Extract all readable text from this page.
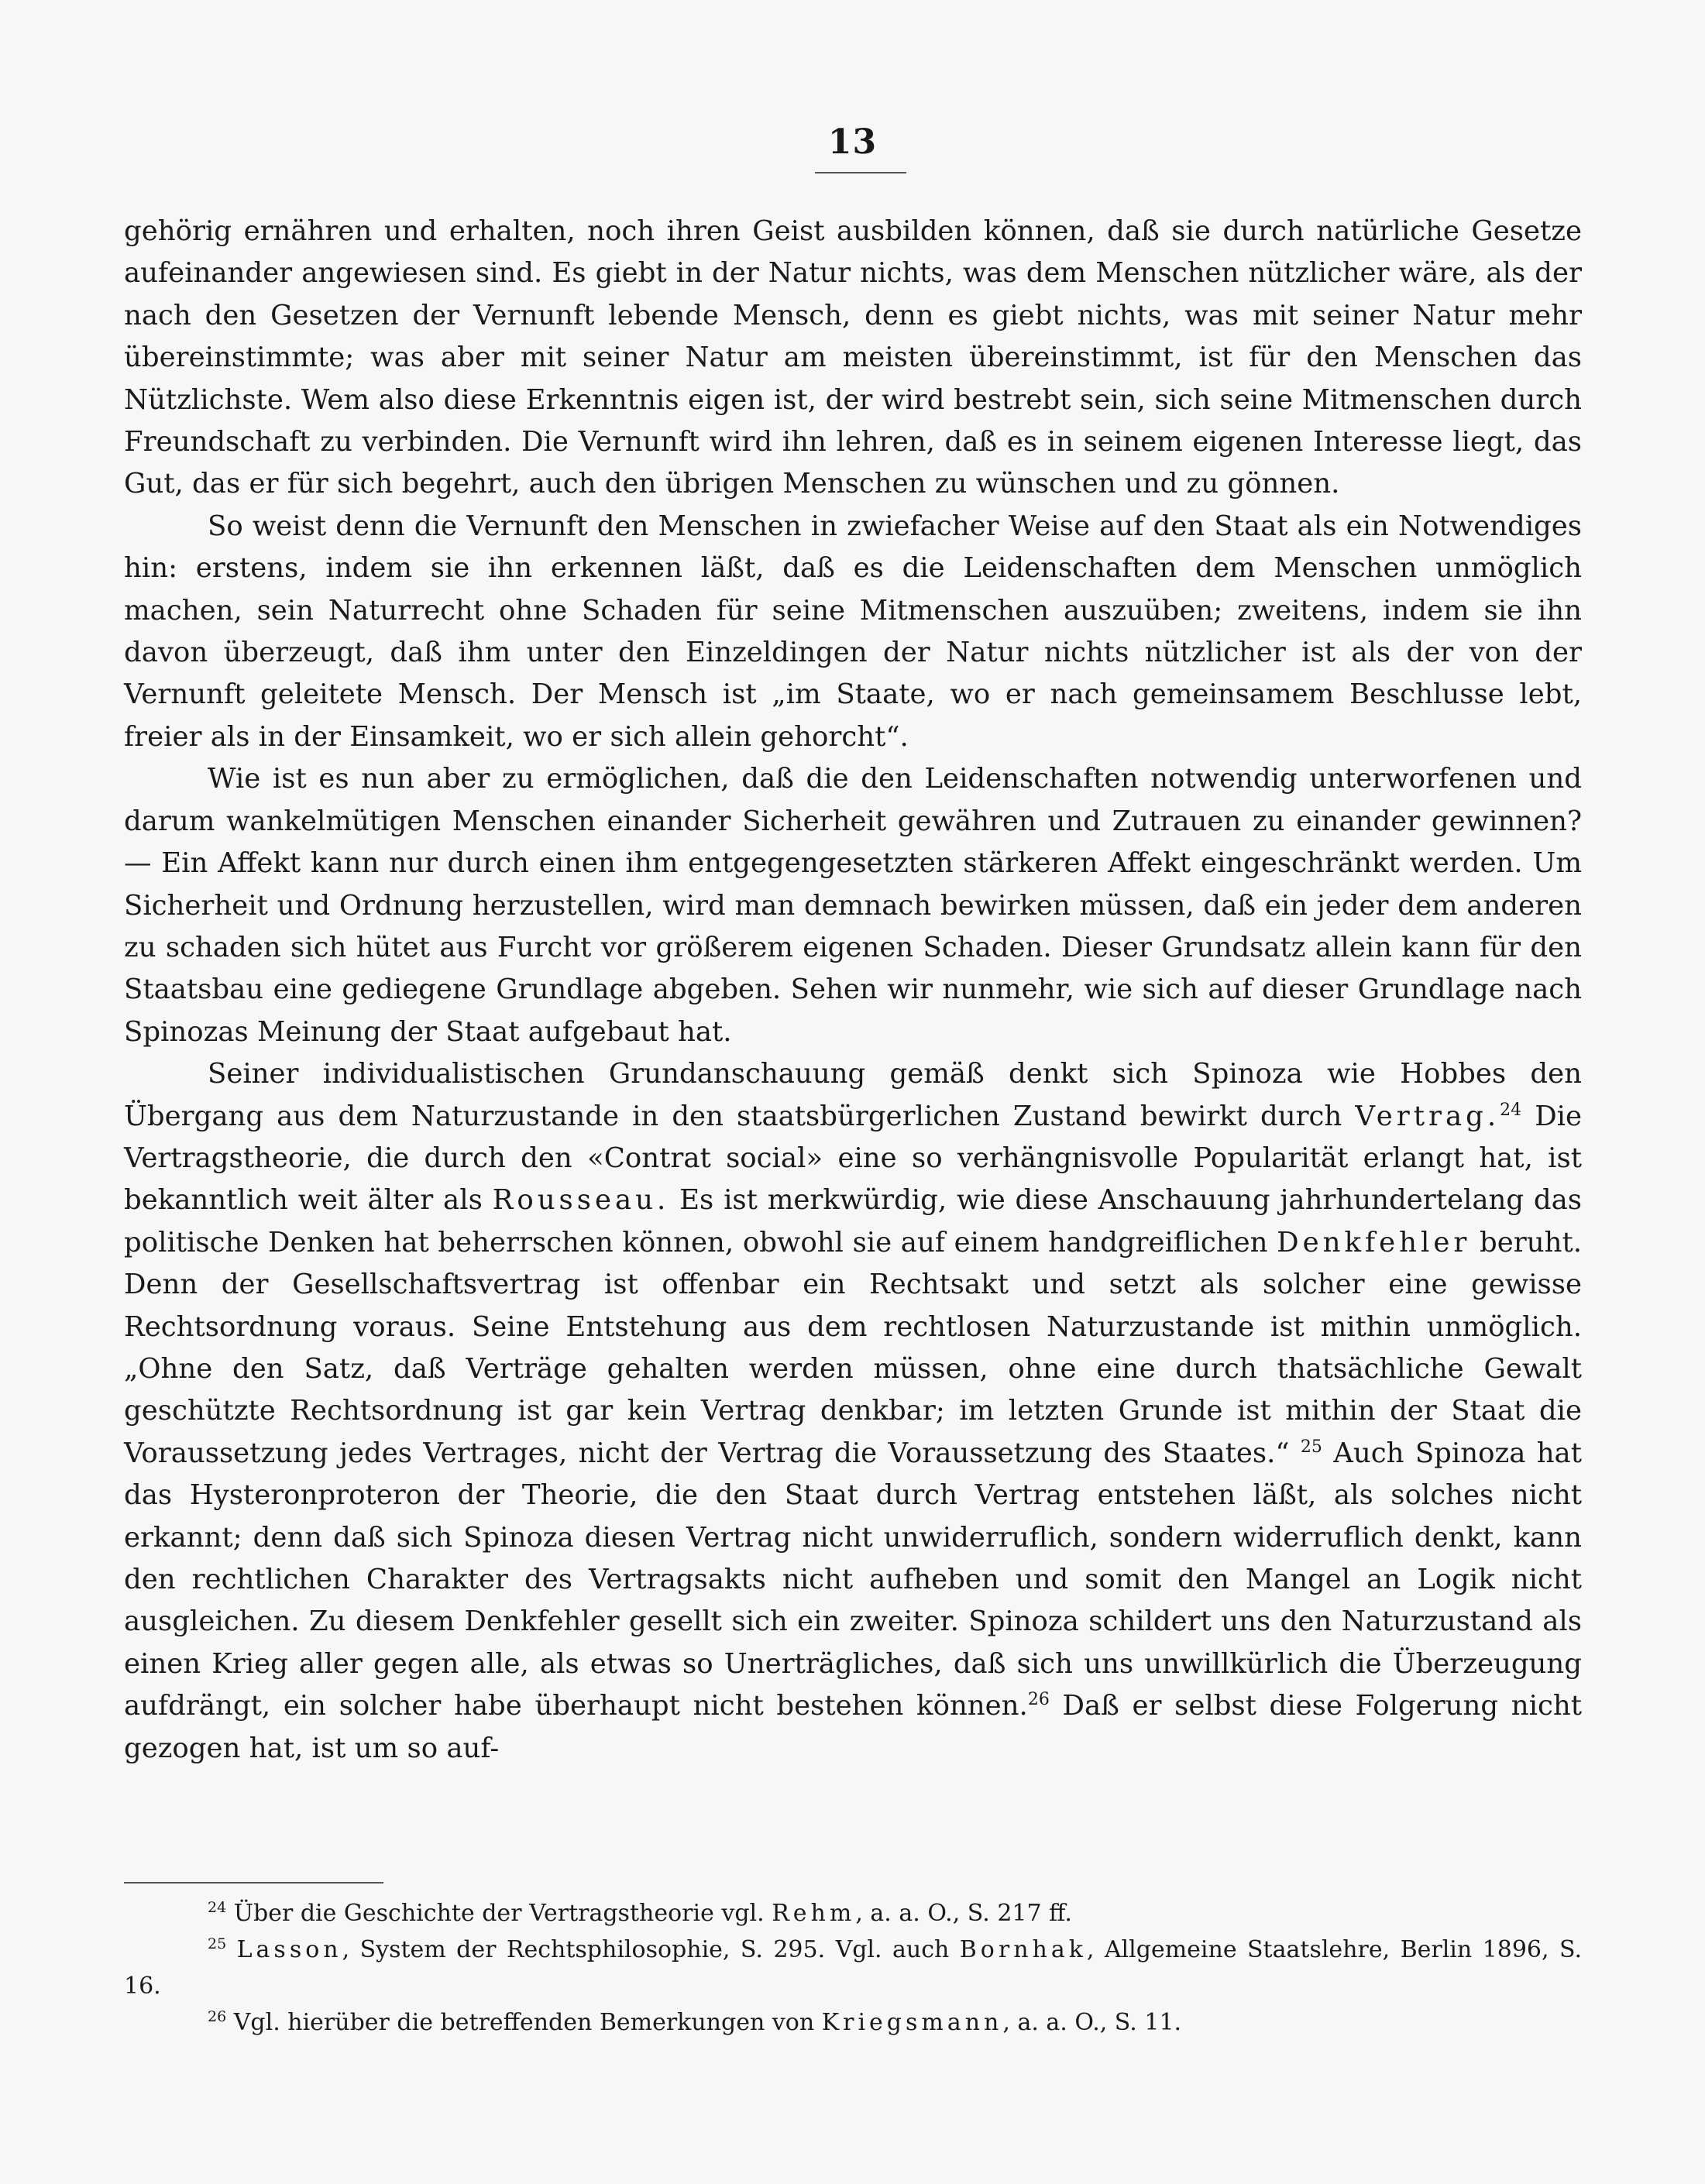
13

gehörig ernähren und erhalten, noch ihren Geist ausbilden können, daß sie durch natürliche Gesetze aufeinander angewiesen sind. Es giebt in der Natur nichts, was dem Menschen nützlicher wäre, als der nach den Gesetzen der Vernunft lebende Mensch, denn es giebt nichts, was mit seiner Natur mehr übereinstimmte; was aber mit seiner Natur am meisten übereinstimmt, ist für den Menschen das Nützlichste. Wem also diese Erkenntnis eigen ist, der wird bestrebt sein, sich seine Mitmenschen durch Freundschaft zu verbinden. Die Vernunft wird ihn lehren, daß es in seinem eigenen Interesse liegt, das Gut, das er für sich begehrt, auch den übrigen Menschen zu wünschen und zu gönnen.

So weist denn die Vernunft den Menschen in zwiefacher Weise auf den Staat als ein Notwendiges hin: erstens, indem sie ihn erkennen läßt, daß es die Leidenschaften dem Menschen unmöglich machen, sein Naturrecht ohne Schaden für seine Mitmenschen auszuüben; zweitens, indem sie ihn davon überzeugt, daß ihm unter den Einzeldingen der Natur nichts nützlicher ist als der von der Vernunft geleitete Mensch. Der Mensch ist „im Staate, wo er nach gemeinsamem Beschlusse lebt, freier als in der Einsamkeit, wo er sich allein gehorcht“.

Wie ist es nun aber zu ermöglichen, daß die den Leidenschaften notwendig unterworfenen und darum wankelmütigen Menschen einander Sicherheit gewähren und Zutrauen zu einander gewinnen? — Ein Affekt kann nur durch einen ihm entgegengesetzten stärkeren Affekt eingeschränkt werden. Um Sicherheit und Ordnung herzustellen, wird man demnach bewirken müssen, daß ein jeder dem anderen zu schaden sich hütet aus Furcht vor größerem eigenen Schaden. Dieser Grundsatz allein kann für den Staatsbau eine gediegene Grundlage abgeben. Sehen wir nunmehr, wie sich auf dieser Grundlage nach Spinozas Meinung der Staat aufgebaut hat.

Seiner individualistischen Grundanschauung gemäß denkt sich Spinoza wie Hobbes den Übergang aus dem Naturzustande in den staatsbürgerlichen Zustand bewirkt durch Vertrag.$^{24}$ Die Vertragstheorie, die durch den «Contrat social» eine so verhängnisvolle Popularität erlangt hat, ist bekanntlich weit älter als Rousseau. Es ist merkwürdig, wie diese Anschauung jahrhundertelang das politische Denken hat beherrschen können, obwohl sie auf einem handgreiflichen Denkfehler beruht. Denn der Gesellschaftsvertrag ist offenbar ein Rechtsakt und setzt als solcher eine gewisse Rechtsordnung voraus. Seine Entstehung aus dem rechtlosen Naturzustande ist mithin unmöglich. „Ohne den Satz, daß Verträge gehalten werden müssen, ohne eine durch thatsächliche Gewalt geschützte Rechtsordnung ist gar kein Vertrag denkbar; im letzten Grunde ist mithin der Staat die Voraussetzung jedes Vertrages, nicht der Vertrag die Voraussetzung des Staates.“ $^{25}$ Auch Spinoza hat das Hysteronproteron der Theorie, die den Staat durch Vertrag entstehen läßt, als solches nicht erkannt; denn daß sich Spinoza diesen Vertrag nicht unwiderruflich, sondern widerruflich denkt, kann den rechtlichen Charakter des Vertragsakts nicht aufheben und somit den Mangel an Logik nicht ausgleichen. Zu diesem Denkfehler gesellt sich ein zweiter. Spinoza schildert uns den Naturzustand als einen Krieg aller gegen alle, als etwas so Unerträgliches, daß sich uns unwillkürlich die Überzeugung aufdrängt, ein solcher habe überhaupt nicht bestehen können.$^{26}$ Daß er selbst diese Folgerung nicht gezogen hat, ist um so auf-

$^{24}$ Über die Geschichte der Vertragstheorie vgl. Rehm, a. a. O., S. 217 ff.

$^{25}$ Lasson, System der Rechtsphilosophie, S. 295. Vgl. auch Bornhak, Allgemeine Staatslehre, Berlin 1896, S. 16.

$^{26}$ Vgl. hierüber die betreffenden Bemerkungen von Kriegsmann, a. a. O., S. 11.
